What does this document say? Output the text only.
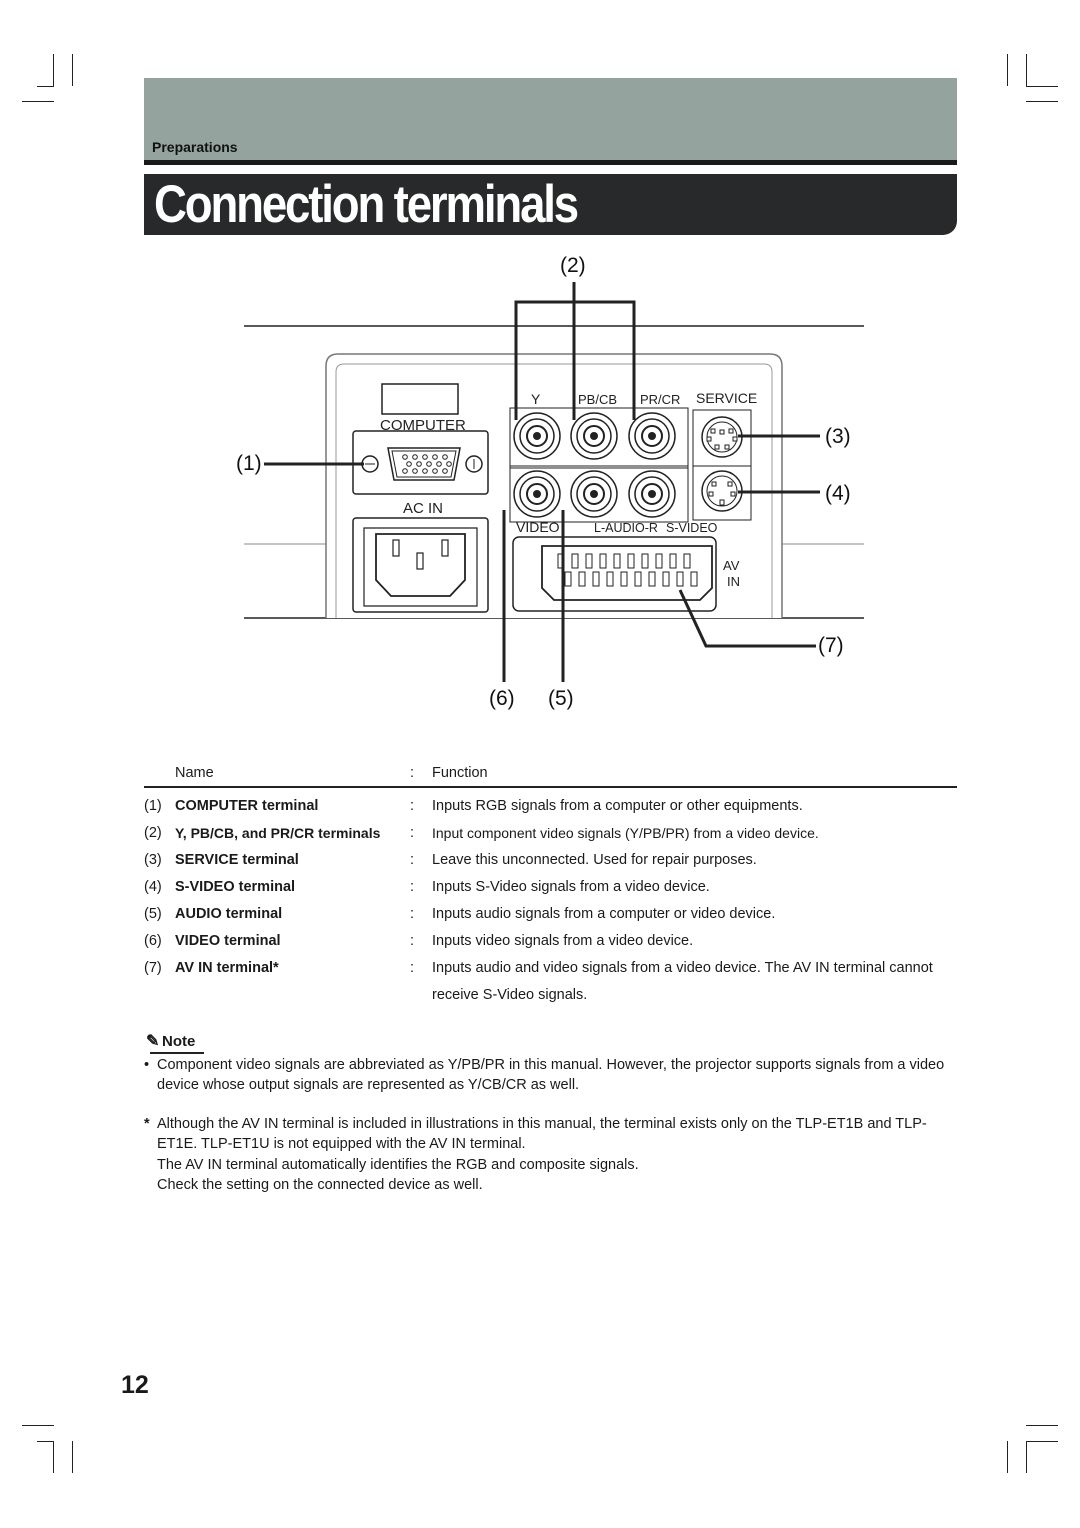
Preparations
Connection terminals
COMPUTER
AC IN
Y	PB/CB PR/CR SERVICE
VIDEO	L-AUDIO-R S-VIDEO
AV
IN
(1)
(2)
(3)
(4)
(5)
(6)
(7)
Name	: Function
(1) COMPUTER terminal	: Inputs RGB signals from a computer or other equipments.
(2) Y, PB/CB, and PR/CR terminals : Input component video signals (Y/PB/PR) from a video device.
(3) SERVICE terminal	: Leave this unconnected. Used for repair purposes.
(4) S-VIDEO terminal	: Inputs S-Video signals from a video device.
(5) AUDIO terminal	: Inputs audio signals from a computer or video device.
(6) VIDEO terminal	: Inputs video signals from a video device.
(7) AV IN terminal*	: Inputs audio and video signals from a video device. The AV IN terminal cannot receive S-Video signals.
✎ Note
• Component video signals are abbreviated as Y/PB/PR in this manual. However, the projector supports signals from a video device whose output signals are represented as Y/CB/CR as well.
* Although the AV IN terminal is included in illustrations in this manual, the terminal exists only on the TLP-ET1B and TLP-ET1E. TLP-ET1U is not equipped with the AV IN terminal.
The AV IN terminal automatically identifies the RGB and composite signals.
Check the setting on the connected device as well.
12
